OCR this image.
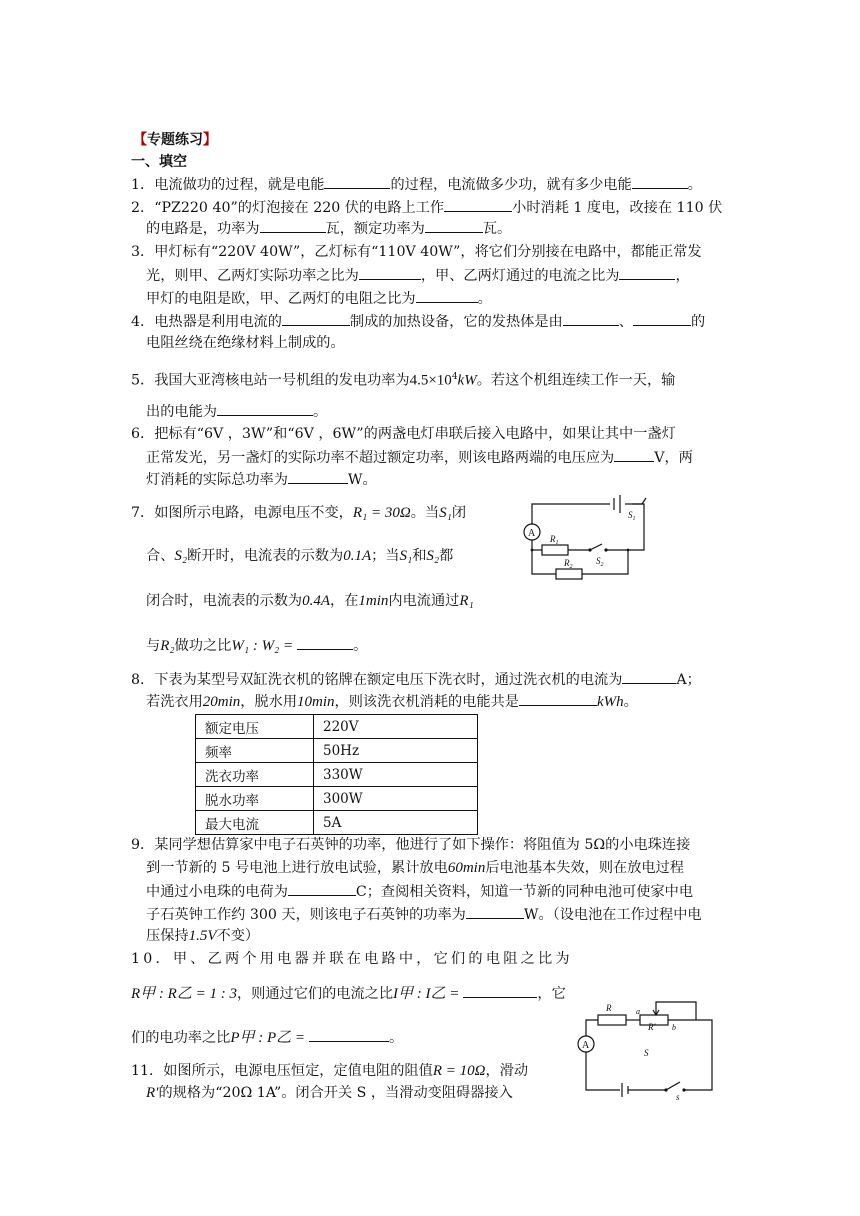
【专题练习】
一、填空
1．电流做功的过程，就是电能	的过程，电流做多少功，就有多少电能	。
2．“PZ220 40”的灯泡接在 220 伏的电路上工作	小时消耗 1 度电，改接在 110 伏
的电路是，功率为	瓦，额定功率为	瓦。
3．甲灯标有“220V 40W”，乙灯标有“110V 40W”，将它们分别接在电路中，都能正常发
光，则甲、乙两灯实际功率之比为	，甲、乙两灯通过的电流之比为	，
甲灯的电阻是欧，甲、乙两灯的电阻之比为	。
4．电热器是利用电流的	制成的加热设备，它的发热体是由	、	的
电阻丝绕在绝缘材料上制成的。
5．我国大亚湾核电站一号机组的发电功率为$4.5\times 10^4kW$。若这个机组连续工作一天，输
出的电能为	。
6．把标有“6V ，3W”和“6V ，6W”的两盏电灯串联后接入电路中，如果让其中一盏灯
正常发光，另一盏灯的实际功率不超过额定功率，则该电路两端的电压应为	V，两
灯消耗的实际总功率为	W。
7．如图所示电路，电源电压不变，R₁ = 30Ω。当S₁闭
合、S₂断开时，电流表的示数为0.1A；当S₁和S₂都
闭合时，电流表的示数为0.4A，在1min内电流通过R₁
与R₂做功之比W₁ : W₂ =	。
A $R_1$
$R_2$
$S_2$
$S_1$
8．下表为某型号双缸洗衣机的铭牌在额定电压下洗衣时，通过洗衣机的电流为	A；
若洗衣用20min，脱水用10min，则该洗衣机消耗的电能共是	kWh。
额定电压	220V
频率	50Hz
洗衣功率	330W
脱水功率	300W
最大电流	5A
9．某同学想估算家中电子石英钟的功率，他进行了如下操作：将阻值为 5Ω的小电珠连接
到一节新的 5 号电池上进行放电试验，累计放电60min后电池基本失效，则在放电过程
中通过小电珠的电荷为	C；查阅相关资料，知道一节新的同种电池可使家中电
子石英钟工作约 300 天，则该电子石英钟的功率为	W。（设电池在工作过程中电
压保持1.5V不变）
10．甲、乙两个用电器并联在电路中，它们的电阻之比为
R甲 : R乙 = 1 : 3，则通过它们的电流之比I甲 : I乙 =	，它
们的电功率之比P甲 : P乙 =	。
11．如图所示，电源电压恒定，定值电阻的阻值R = 10Ω，滑动
R′的规格为“20Ω 1A”。闭合开关 S ，当滑动变阻碍器接入
A
R
R′
a
b
S
s
